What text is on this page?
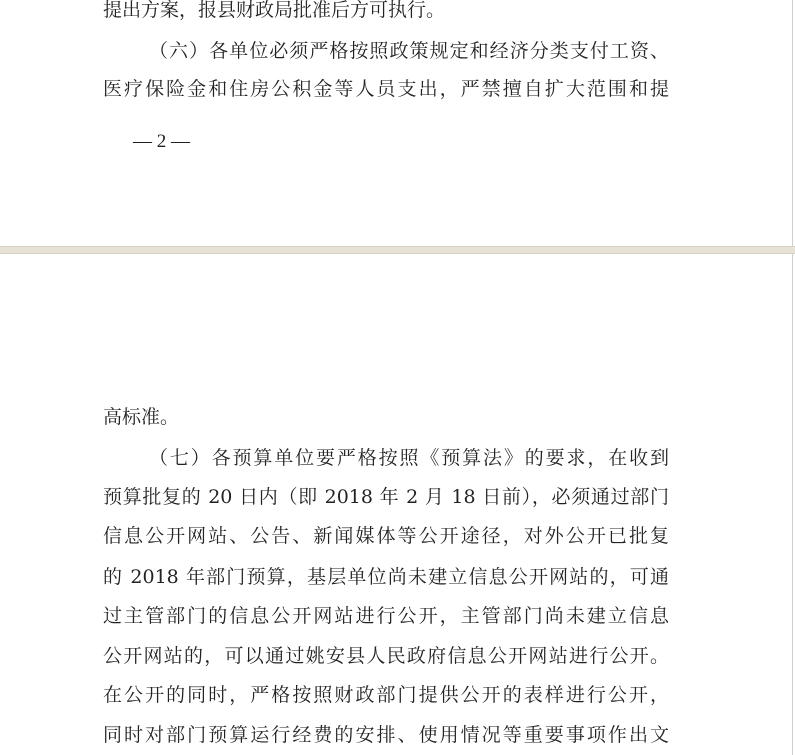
提出方案，报县财政局批准后方可执行。
（六）各单位必须严格按照政策规定和经济分类支付工资、
医疗保险金和住房公积金等人员支出，严禁擅自扩大范围和提
— 2 —
高标准。
（七）各预算单位要严格按照《预算法》的要求，在收到
预算批复的 20 日内（即 2018 年 2 月 18 日前），必须通过部门
信息公开网站、公告、新闻媒体等公开途径，对外公开已批复
的 2018 年部门预算，基层单位尚未建立信息公开网站的，可通
过主管部门的信息公开网站进行公开，主管部门尚未建立信息
公开网站的，可以通过姚安县人民政府信息公开网站进行公开。
在公开的同时，严格按照财政部门提供公开的表样进行公开，
同时对部门预算运行经费的安排、使用情况等重要事项作出文
